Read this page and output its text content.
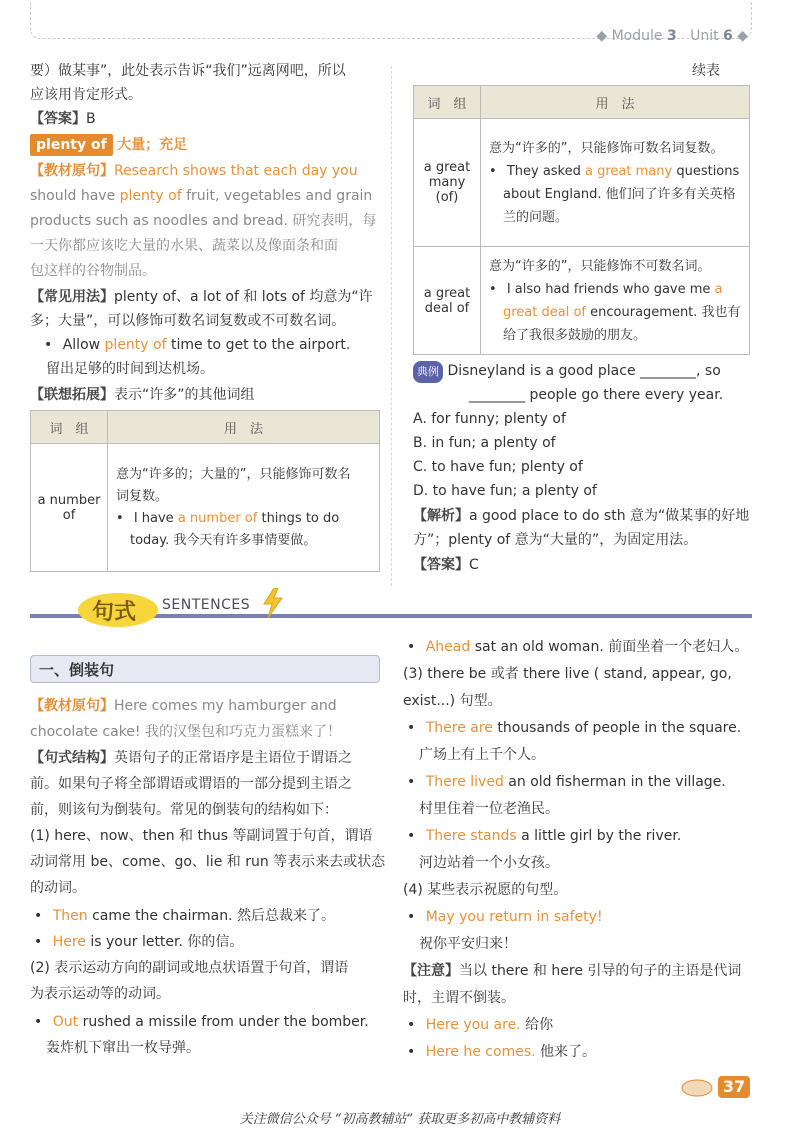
◆ Module 3 Unit 6 ◆
要）做某事”，此处表示告诉“我们”远离网吧，所以
应该用肯定形式。
【答案】B
plenty of 大量；充足
【教材原句】Research shows that each day you
should have plenty of fruit, vegetables and grain
products such as noodles and bread. 研究表明，每
一天你都应该吃大量的水果、蔬菜以及像面条和面
包这样的谷物制品。
【常见用法】plenty of、a lot of 和 lots of 均意为“许
多；大量”，可以修饰可数名词复数或不可数名词。
• Allow plenty of time to get to the airport.
留出足够的时间到达机场。
【联想拓展】表示“许多”的其他词组
词　组	用　法
a number of	意为“许多的；大量的”，只能修饰可数名
词复数。
• I have a number of things to do
today. 我今天有许多事情要做。
续表
词　组	用　法
a great many (of)	意为“许多的”，只能修饰可数名词复数。
• They asked a great many questions
about England. 他们问了许多有关英格
兰的问题。

a great deal of	意为“许多的”，只能修饰不可数名词。
• I also had friends who gave me a
great deal of encouragement. 我也有
给了我很多鼓励的朋友。
典例 Disneyland is a good place ________, so
________ people go there every year.
A. for funny; plenty of
B. in fun; a plenty of
C. to have fun; plenty of
D. to have fun; a plenty of
【解析】a good place to do sth 意为“做某事的好地
方”；plenty of 意为“大量的”，为固定用法。
【答案】C
句式 SENTENCES
一、倒装句
【教材原句】Here comes my hamburger and
chocolate cake! 我的汉堡包和巧克力蛋糕来了！
【句式结构】英语句子的正常语序是主语位于谓语之
前。如果句子将全部谓语或谓语的一部分提到主语之
前，则该句为倒装句。常见的倒装句的结构如下：
(1) here、now、then 和 thus 等副词置于句首，谓语
动词常用 be、come、go、lie 和 run 等表示来去或状态
的动词。
• Then came the chairman. 然后总裁来了。
• Here is your letter. 你的信。
(2) 表示运动方向的副词或地点状语置于句首，谓语
为表示运动等的动词。
• Out rushed a missile from under the bomber.
轰炸机下窜出一枚导弹。
• Ahead sat an old woman. 前面坐着一个老妇人。
(3) there be 或者 there live ( stand, appear, go,
exist...) 句型。
• There are thousands of people in the square.
广场上有上千个人。
• There lived an old fisherman in the village.
村里住着一位老渔民。
• There stands a little girl by the river.
河边站着一个小女孩。
(4) 某些表示祝愿的句型。
• May you return in safety!
祝你平安归来！
【注意】当以 there 和 here 引导的句子的主语是代词
时，主谓不倒装。
• Here you are. 给你
• Here he comes. 他来了。
37
关注微信公众号 “初高教辅站” 获取更多初高中教辅资料
